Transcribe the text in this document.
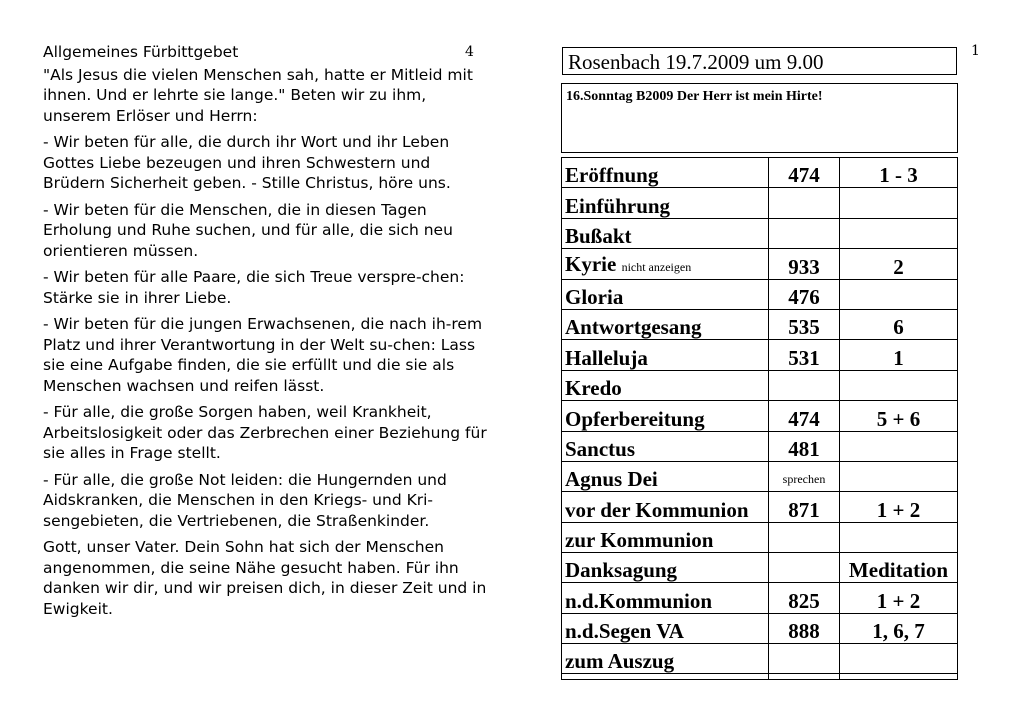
Allgemeines Fürbittgebet	4

"Als Jesus die vielen Menschen sah, hatte er Mitleid mit ihnen. Und er lehrte sie lange." Beten wir zu ihm, unserem Erlöser und Herrn:

- Wir beten für alle, die durch ihr Wort und ihr Leben Gottes Liebe bezeugen und ihren Schwestern und Brüdern Sicherheit geben. - Stille Christus, höre uns.

- Wir beten für die Menschen, die in diesen Tagen Erholung und Ruhe suchen, und für alle, die sich neu orientieren müssen.

- Wir beten für alle Paare, die sich Treue verspre-chen: Stärke sie in ihrer Liebe.

- Wir beten für die jungen Erwachsenen, die nach ih-rem Platz und ihrer Verantwortung in der Welt su-chen: Lass sie eine Aufgabe finden, die sie erfüllt und die sie als Menschen wachsen und reifen lässt.

- Für alle, die große Sorgen haben, weil Krankheit, Arbeitslosigkeit oder das Zerbrechen einer Beziehung für sie alles in Frage stellt.

- Für alle, die große Not leiden: die Hungernden und Aidskranken, die Menschen in den Kriegs- und Kri-sengebieten, die Vertriebenen, die Straßenkinder.

Gott, unser Vater. Dein Sohn hat sich der Menschen angenommen, die seine Nähe gesucht haben. Für ihn danken wir dir, und wir preisen dich, in dieser Zeit und in Ewigkeit.

1
Rosenbach 19.7.2009 um 9.00
16.Sonntag B2009 Der Herr ist mein Hirte!
Eröffnung	474	1 - 3
Einführung		
Bußakt		
Kyrie nicht anzeigen	933	2
Gloria	476	
Antwortgesang	535	6
Halleluja	531	1
Kredo		
Opferbereitung	474	5 + 6
Sanctus	481	
Agnus Dei	sprechen	
vor der Kommunion	871	1 + 2
zur Kommunion		
Danksagung		Meditation
n.d.Kommunion	825	1 + 2
n.d.Segen VA	888	1, 6, 7
zum Auszug		
